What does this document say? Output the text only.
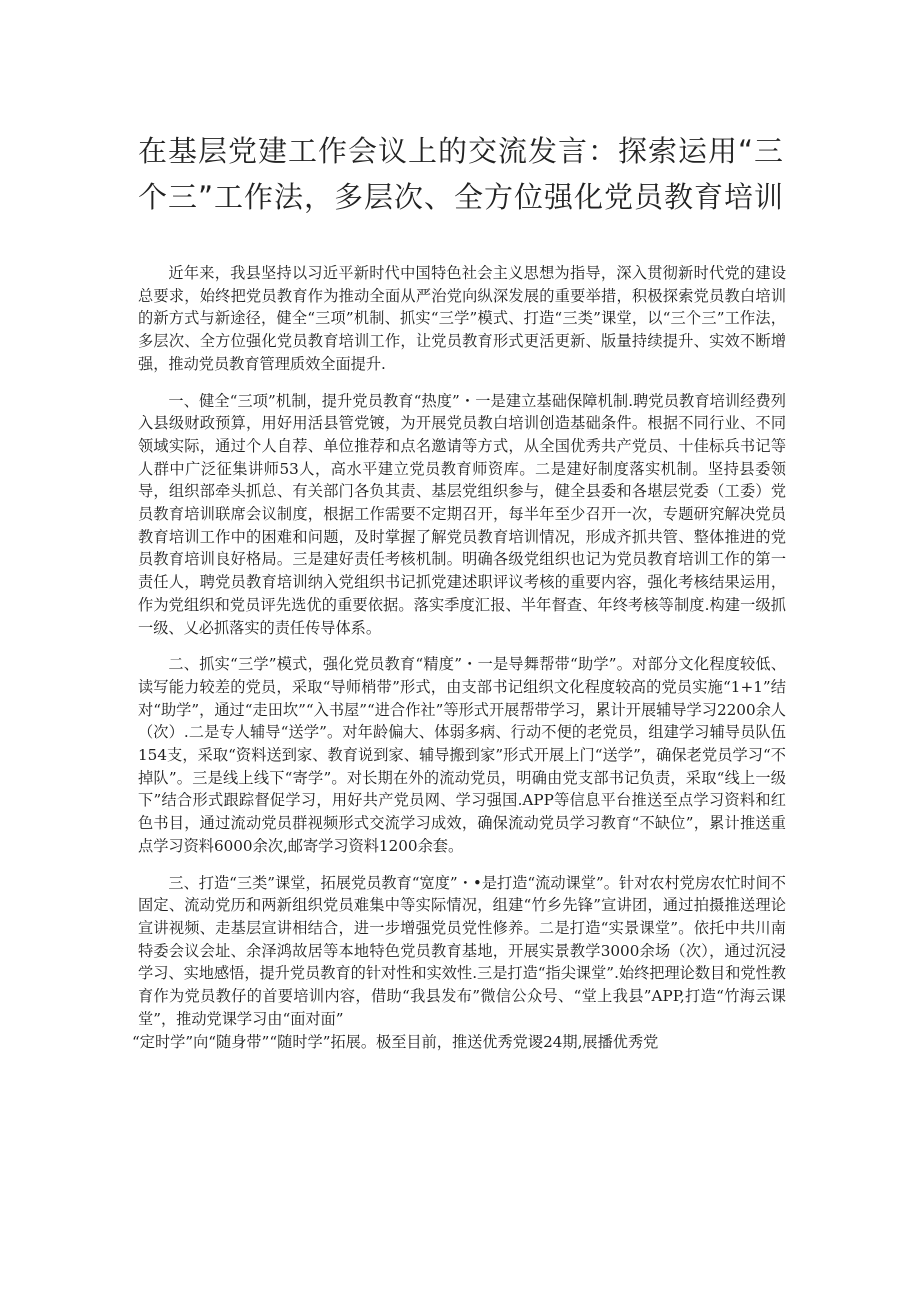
在基层党建工作会议上的交流发言：探索运用“三个三”工作法，多层次、全方位强化党员教育培训

近年来，我县坚持以习近平新时代中国特色社会主义思想为指导，深入贯彻新时代党的建设总要求，始终把党员教育作为推动全面从严治党向纵深发展的重要举措，积极探索党员教白培训的新方式与新途径，健全“三项”机制、抓实“三学”模式、打造“三类”课堂，以“三个三”工作法，多层次、全方位强化党员教育培训工作，让党员教育形式更活更新、版量持续提升、实效不断增强，推动党员教育管理质效全面提升.

一、健全“三项”机制，提升党员教育“热度”・一是建立基础保障机制.聘党员教育培训经费列入县级财政预算，用好用活县管党镀，为开展党员教白培训创造基础条件。根据不同行业、不同领域实际，通过个人自荐、单位推荐和点名邀请等方式，从全国优秀共产党员、十佳标兵书记等人群中广泛征集讲师53人，高水平建立党员教育师资库。二是建好制度落实机制。坚持县委领导，组织部牵头抓总、有关部门各负其责、基层党组织参与，健全县委和各堪层党委（工委）党员教育培训联席会议制度，根据工作需要不定期召开，每半年至少召开一次，专题研究解决党员教育培训工作中的困难和问题，及时掌握了解党员教育培训情况，形成齐抓共管、整体推进的党员教育培训良好格局。三是建好责任考核机制。明确各级党组织也记为党员教育培训工作的第一责任人，聘党员教育培训纳入党组织书记抓党建述职评议考核的重要内容，强化考核结果运用，作为党组织和党员评先选优的重要依据。落实季度汇报、半年督查、年终考核等制度.构建一级抓一级、乂必抓落实的责任传导体系。

二、抓实“三学”模式，强化党员教育“精度”・一是导舞帮带“助学”。对部分文化程度较低、读写能力较差的党员，采取“导师梢带”形式，由支部书记组织文化程度较高的党员实施“1+1”结对“助学”，通过“走田坎”“入书屋”“进合作社”等形式开展帮带学习，累计开展辅导学习2200余人（次）.二是专人辅导“送学”。对年龄偏大、体弱多病、行动不便的老党员，组建学习辅导员队伍154支，采取“资料送到家、教育说到家、辅导搬到家”形式开展上门“送学”，确保老党员学习“不掉队”。三是线上线下“寄学”。对长期在外的流动党员，明确由党支部书记负责，采取“线上一级下”结合形式跟踪督促学习，用好共产党员网、学习强国.APP等信息平台推送至点学习资料和红色书目，通过流动党员群视频形式交流学习成效，确保流动党员学习教育“不缺位”，累计推送重点学习资料6000余次,邮寄学习资料1200余套。

三、打造“三类”课堂，拓展党员教育“宽度”・•是打造“流动课堂”。针对农村党房农忙时间不固定、流动党历和两新组织党员难集中等实际情况，组建“竹乡先锋”宣讲团，通过拍摄推送理论宣讲视频、走基层宣讲相结合，进一步增强党员党性修养。二是打造“实景课堂”。依托中共川南特委会议会址、余泽鸿故居等本地特色党员教育基地，开展实景教学3000余场（次），通过沉浸学习、实地感悟，提升党员教育的针对性和实效性.三是打造“指尖课堂”.始终把理论数目和党性教育作为党员教仔的首要培训内容，借助“我县发布”微信公众号、“堂上我县”APP,打造“竹海云课堂”，推动党课学习由“面对面”

“定时学”向“随身带”“随时学”拓展。极至目前，推送优秀党谡24期,展播优秀党
